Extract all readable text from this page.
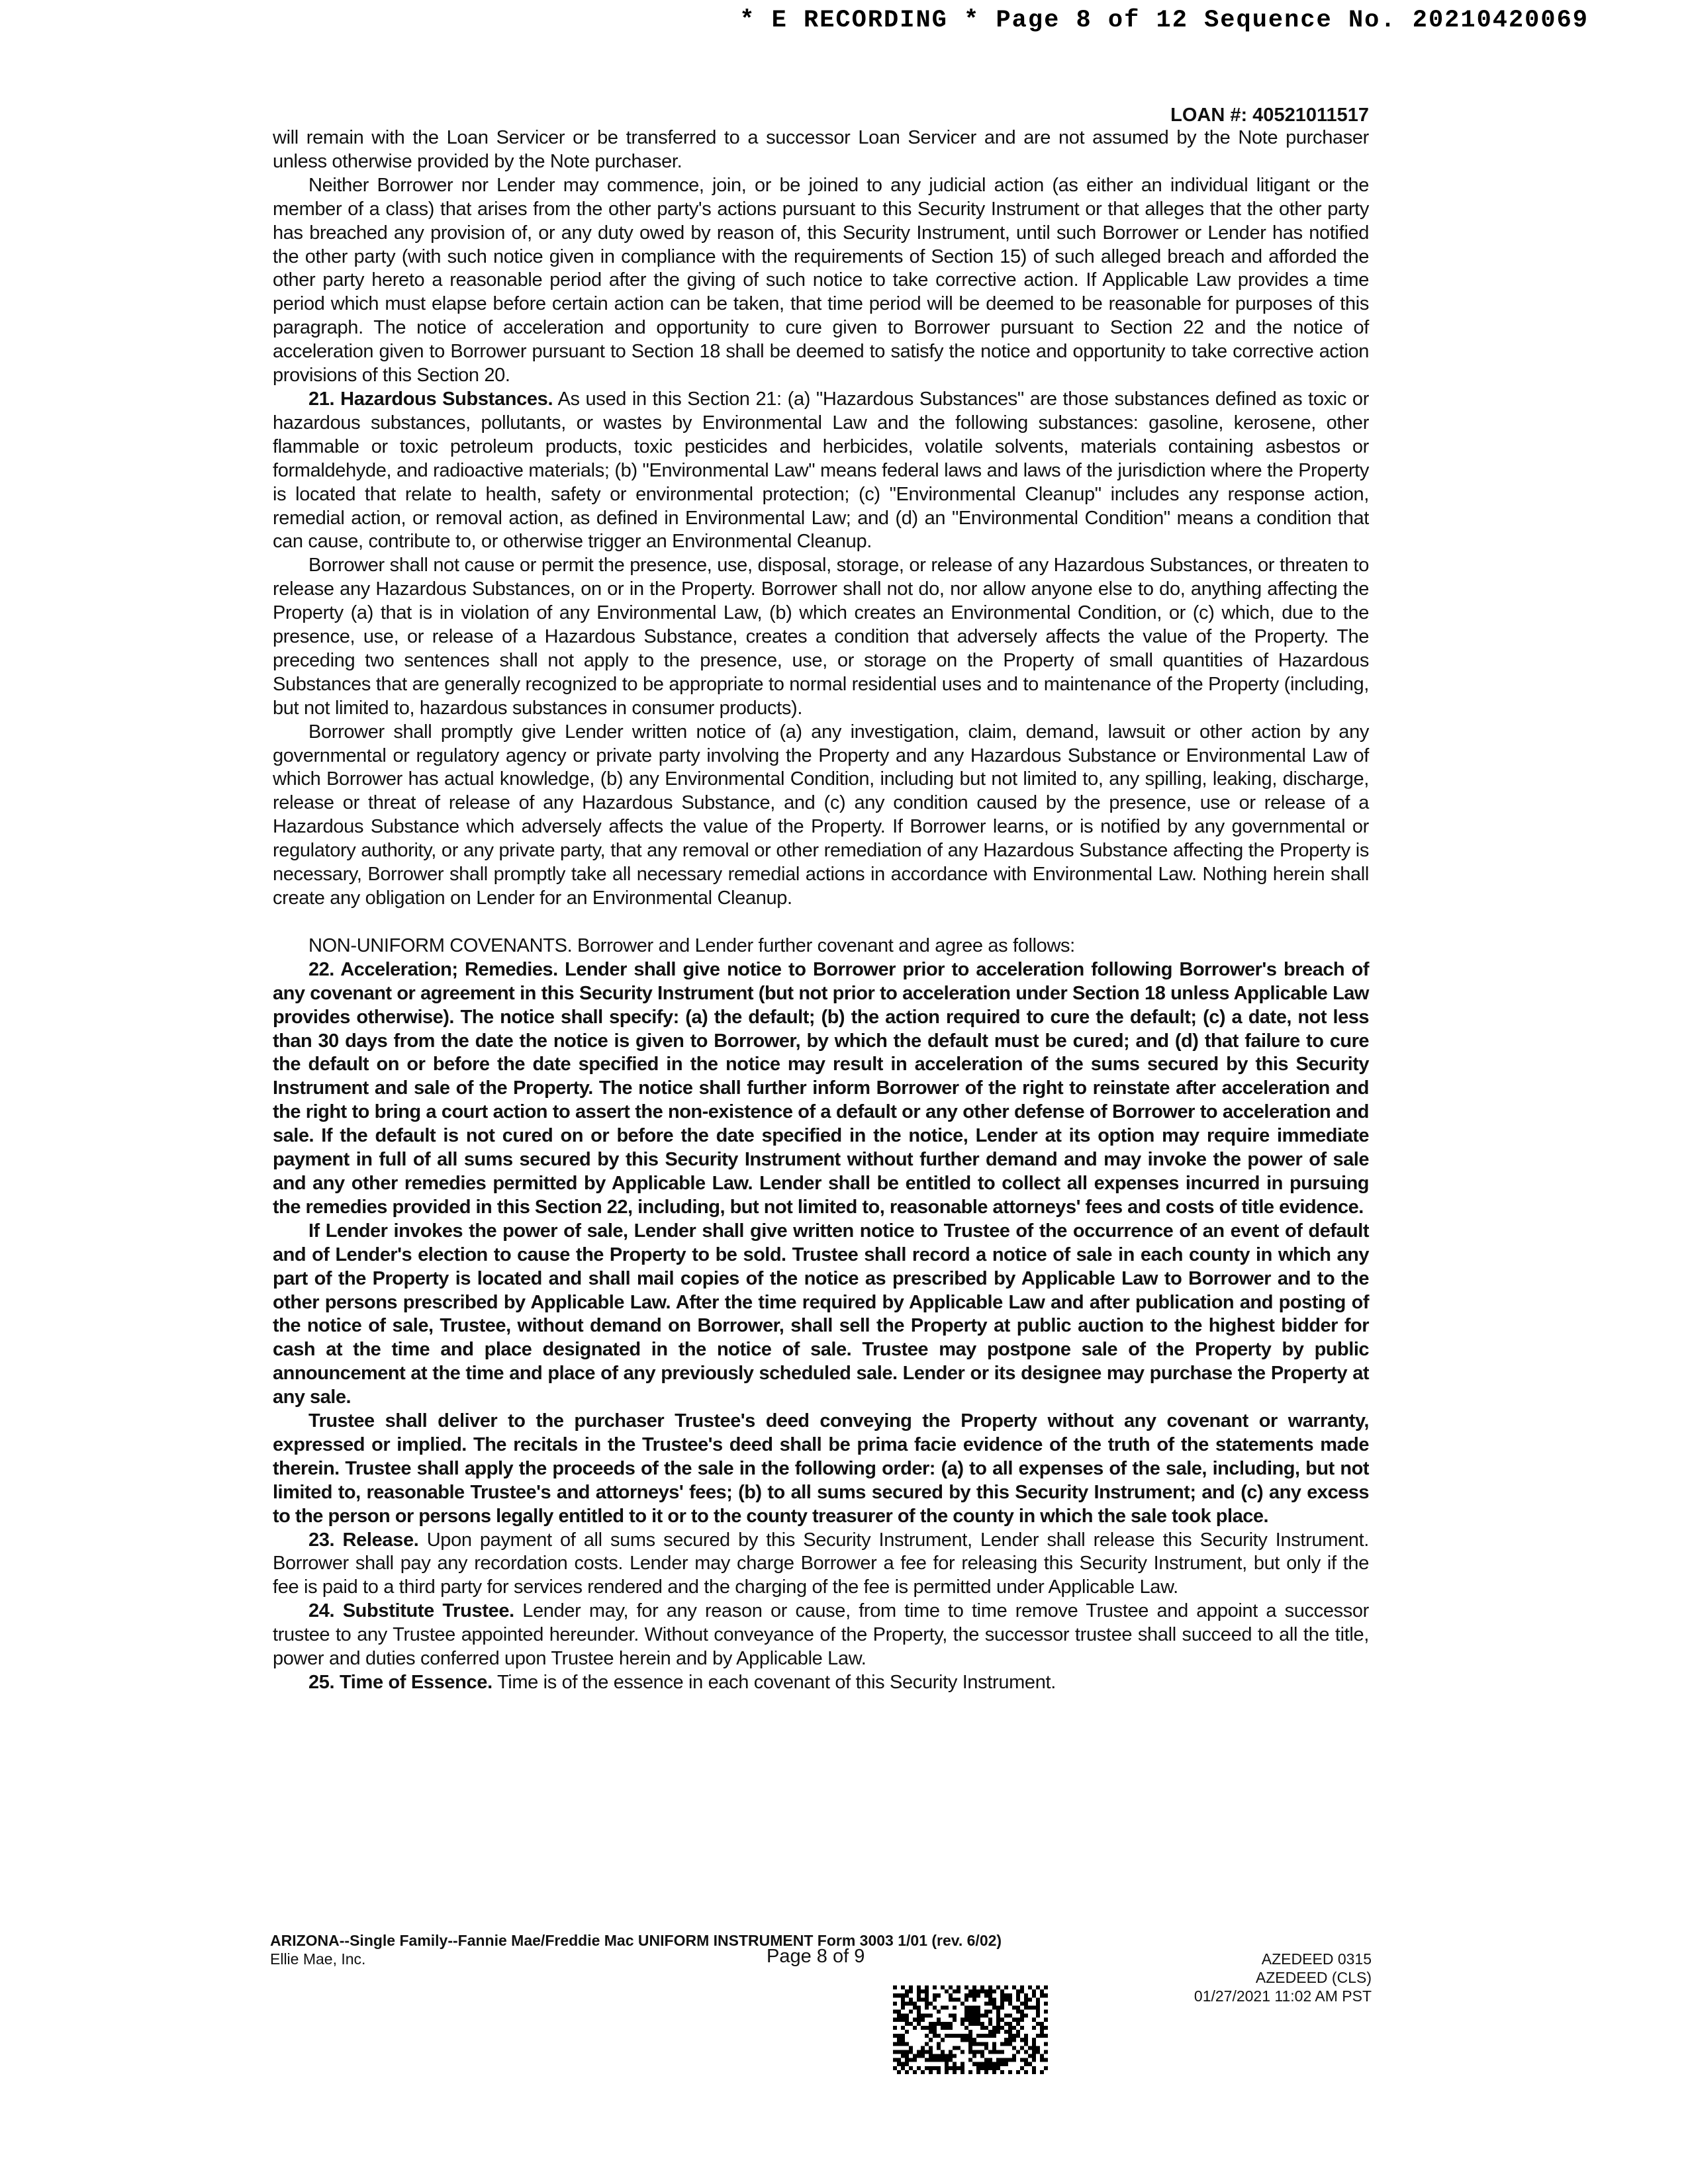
* E RECORDING * Page 8 of 12 Sequence No. 20210420069
LOAN #: 40521011517

will remain with the Loan Servicer or be transferred to a successor Loan Servicer and are not assumed by the Note purchaser unless otherwise provided by the Note purchaser.

Neither Borrower nor Lender may commence, join, or be joined to any judicial action (as either an individual litigant or the member of a class) that arises from the other party's actions pursuant to this Security Instrument or that alleges that the other party has breached any provision of, or any duty owed by reason of, this Security Instrument, until such Borrower or Lender has notified the other party (with such notice given in compliance with the requirements of Section 15) of such alleged breach and afforded the other party hereto a reasonable period after the giving of such notice to take corrective action. If Applicable Law provides a time period which must elapse before certain action can be taken, that time period will be deemed to be reasonable for purposes of this paragraph. The notice of acceleration and opportunity to cure given to Borrower pursuant to Section 22 and the notice of acceleration given to Borrower pursuant to Section 18 shall be deemed to satisfy the notice and opportunity to take corrective action provisions of this Section 20.

21. Hazardous Substances. As used in this Section 21: (a) "Hazardous Substances" are those substances defined as toxic or hazardous substances, pollutants, or wastes by Environmental Law and the following substances: gasoline, kerosene, other flammable or toxic petroleum products, toxic pesticides and herbicides, volatile solvents, materials containing asbestos or formaldehyde, and radioactive materials; (b) "Environmental Law" means federal laws and laws of the jurisdiction where the Property is located that relate to health, safety or environmental protection; (c) "Environmental Cleanup" includes any response action, remedial action, or removal action, as defined in Environmental Law; and (d) an "Environmental Condition" means a condition that can cause, contribute to, or otherwise trigger an Environmental Cleanup.

Borrower shall not cause or permit the presence, use, disposal, storage, or release of any Hazardous Substances, or threaten to release any Hazardous Substances, on or in the Property. Borrower shall not do, nor allow anyone else to do, anything affecting the Property (a) that is in violation of any Environmental Law, (b) which creates an Environmental Condition, or (c) which, due to the presence, use, or release of a Hazardous Substance, creates a condition that adversely affects the value of the Property. The preceding two sentences shall not apply to the presence, use, or storage on the Property of small quantities of Hazardous Substances that are generally recognized to be appropriate to normal residential uses and to maintenance of the Property (including, but not limited to, hazardous substances in consumer products).

Borrower shall promptly give Lender written notice of (a) any investigation, claim, demand, lawsuit or other action by any governmental or regulatory agency or private party involving the Property and any Hazardous Substance or Environmental Law of which Borrower has actual knowledge, (b) any Environmental Condition, including but not limited to, any spilling, leaking, discharge, release or threat of release of any Hazardous Substance, and (c) any condition caused by the presence, use or release of a Hazardous Substance which adversely affects the value of the Property. If Borrower learns, or is notified by any governmental or regulatory authority, or any private party, that any removal or other remediation of any Hazardous Substance affecting the Property is necessary, Borrower shall promptly take all necessary remedial actions in accordance with Environmental Law. Nothing herein shall create any obligation on Lender for an Environmental Cleanup.

NON-UNIFORM COVENANTS. Borrower and Lender further covenant and agree as follows:

22. Acceleration; Remedies. Lender shall give notice to Borrower prior to acceleration following Borrower's breach of any covenant or agreement in this Security Instrument (but not prior to acceleration under Section 18 unless Applicable Law provides otherwise). The notice shall specify: (a) the default; (b) the action required to cure the default; (c) a date, not less than 30 days from the date the notice is given to Borrower, by which the default must be cured; and (d) that failure to cure the default on or before the date specified in the notice may result in acceleration of the sums secured by this Security Instrument and sale of the Property. The notice shall further inform Borrower of the right to reinstate after acceleration and the right to bring a court action to assert the non-existence of a default or any other defense of Borrower to acceleration and sale. If the default is not cured on or before the date specified in the notice, Lender at its option may require immediate payment in full of all sums secured by this Security Instrument without further demand and may invoke the power of sale and any other remedies permitted by Applicable Law. Lender shall be entitled to collect all expenses incurred in pursuing the remedies provided in this Section 22, including, but not limited to, reasonable attorneys' fees and costs of title evidence.

If Lender invokes the power of sale, Lender shall give written notice to Trustee of the occurrence of an event of default and of Lender's election to cause the Property to be sold. Trustee shall record a notice of sale in each county in which any part of the Property is located and shall mail copies of the notice as prescribed by Applicable Law to Borrower and to the other persons prescribed by Applicable Law. After the time required by Applicable Law and after publication and posting of the notice of sale, Trustee, without demand on Borrower, shall sell the Property at public auction to the highest bidder for cash at the time and place designated in the notice of sale. Trustee may postpone sale of the Property by public announcement at the time and place of any previously scheduled sale. Lender or its designee may purchase the Property at any sale.

Trustee shall deliver to the purchaser Trustee's deed conveying the Property without any covenant or warranty, expressed or implied. The recitals in the Trustee's deed shall be prima facie evidence of the truth of the statements made therein. Trustee shall apply the proceeds of the sale in the following order: (a) to all expenses of the sale, including, but not limited to, reasonable Trustee's and attorneys' fees; (b) to all sums secured by this Security Instrument; and (c) any excess to the person or persons legally entitled to it or to the county treasurer of the county in which the sale took place.

23. Release. Upon payment of all sums secured by this Security Instrument, Lender shall release this Security Instrument. Borrower shall pay any recordation costs. Lender may charge Borrower a fee for releasing this Security Instrument, but only if the fee is paid to a third party for services rendered and the charging of the fee is permitted under Applicable Law.

24. Substitute Trustee. Lender may, for any reason or cause, from time to time remove Trustee and appoint a successor trustee to any Trustee appointed hereunder. Without conveyance of the Property, the successor trustee shall succeed to all the title, power and duties conferred upon Trustee herein and by Applicable Law.

25. Time of Essence. Time is of the essence in each covenant of this Security Instrument.

ARIZONA--Single Family--Fannie Mae/Freddie Mac UNIFORM INSTRUMENT Form 3003 1/01 (rev. 6/02)
Ellie Mae, Inc.	Page 8 of 9	AZEDEED 0315
AZEDEED (CLS)
01/27/2021 11:02 AM PST
